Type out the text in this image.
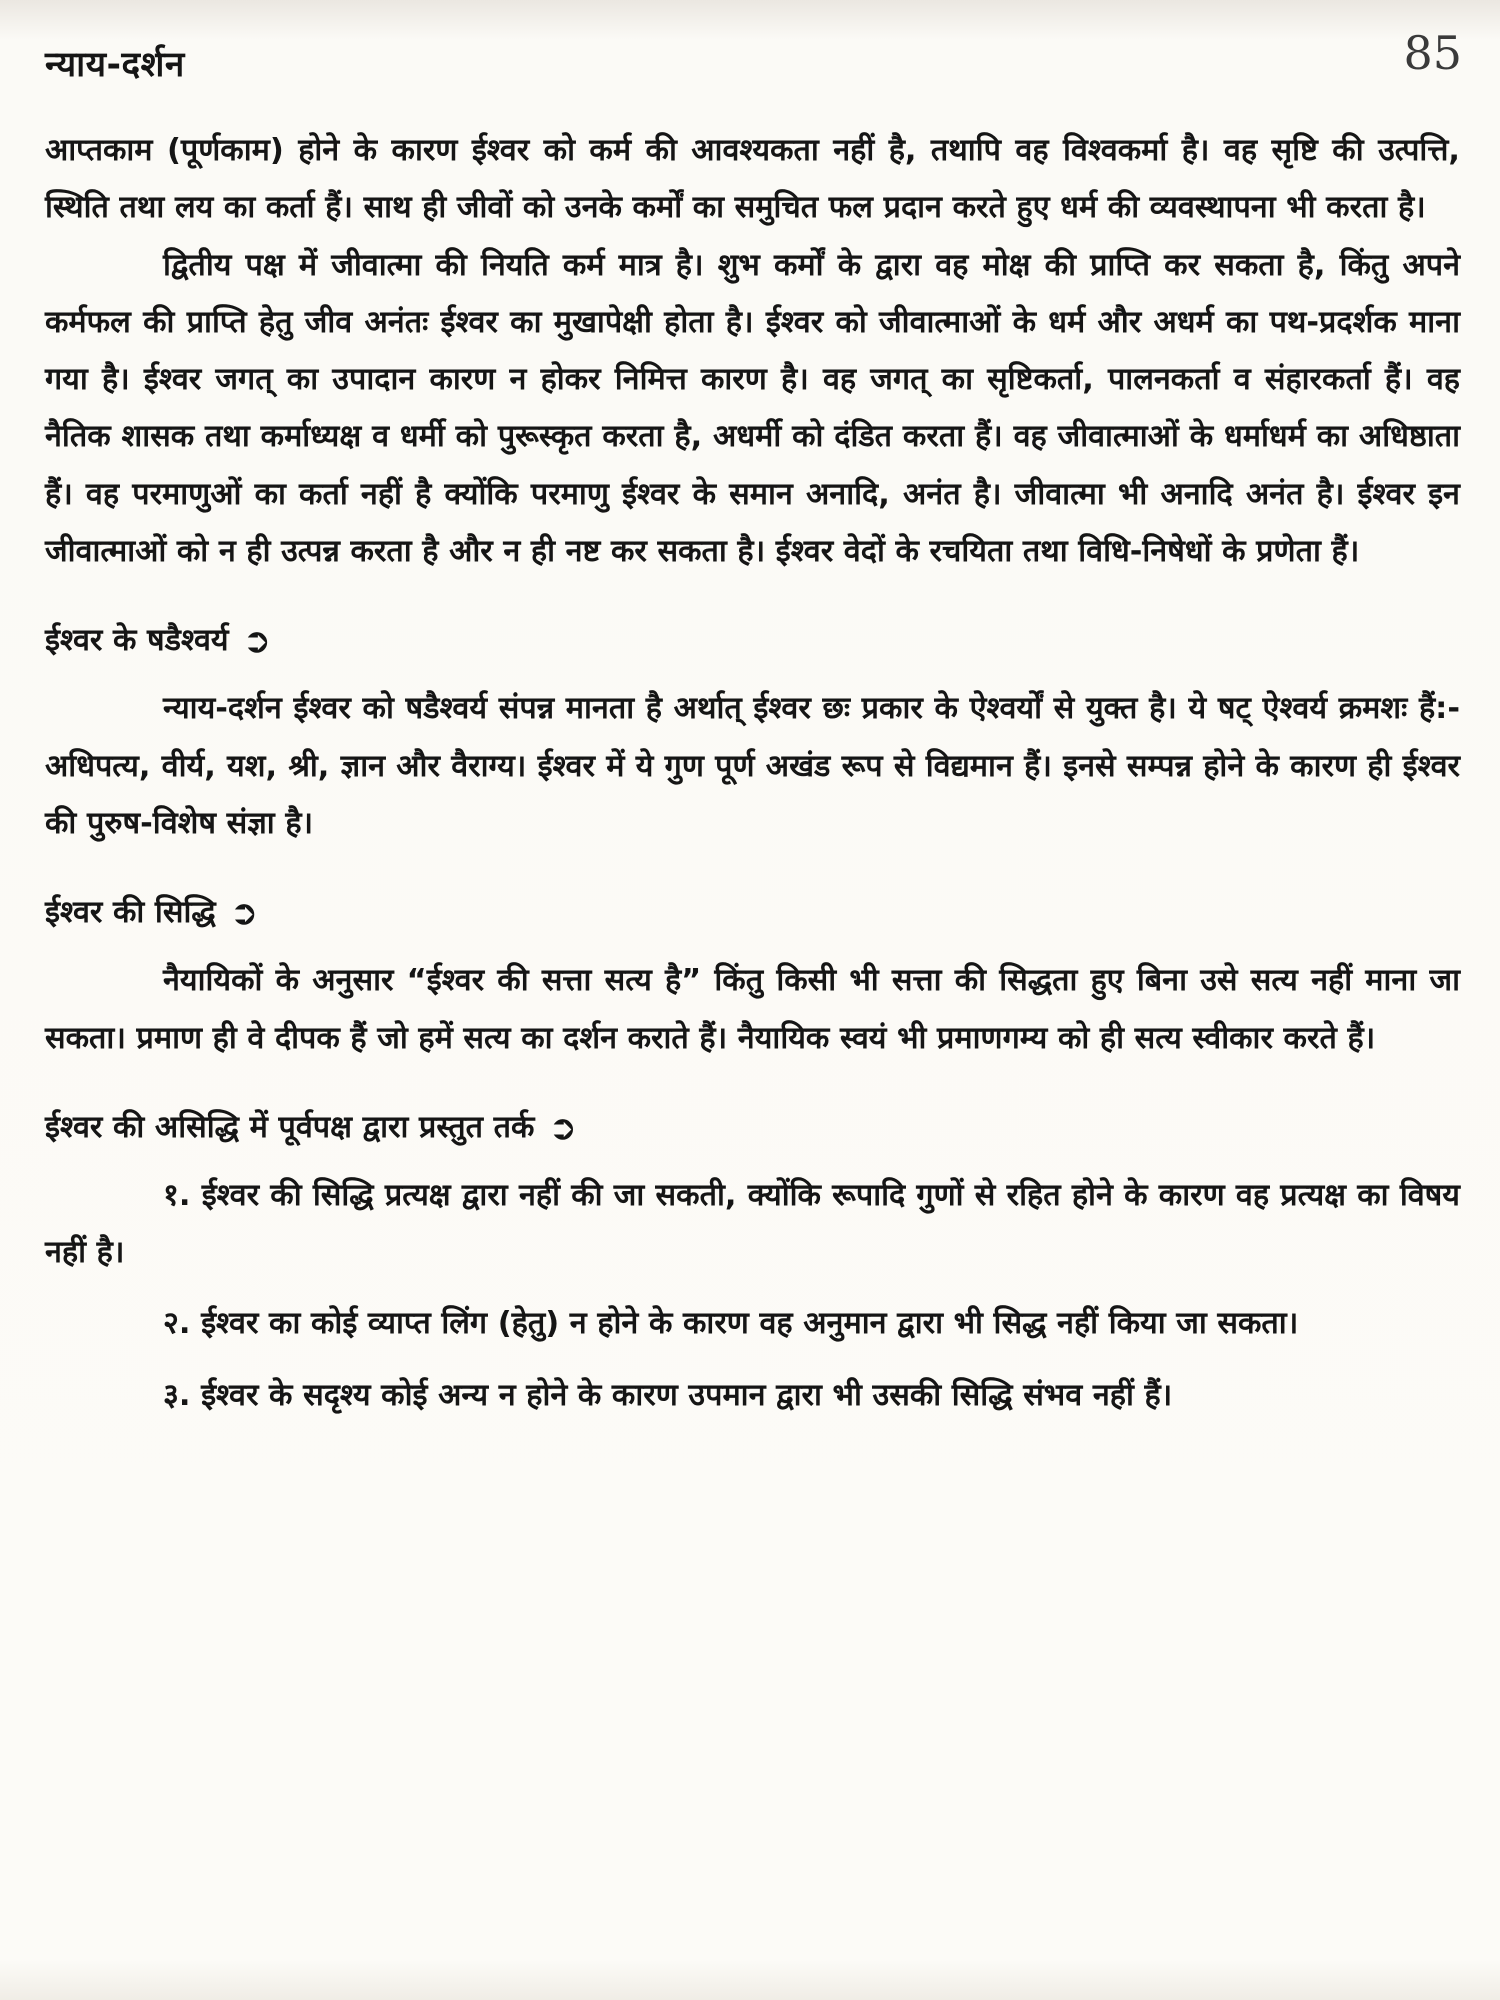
न्याय-दर्शन	85

आप्तकाम (पूर्णकाम) होने के कारण ईश्वर को कर्म की आवश्यकता नहीं है, तथापि वह विश्वकर्मा है। वह सृष्टि की उत्पत्ति, स्थिति तथा लय का कर्ता हैं। साथ ही जीवों को उनके कर्मों का समुचित फल प्रदान करते हुए धर्म की व्यवस्थापना भी करता है।

द्वितीय पक्ष में जीवात्मा की नियति कर्म मात्र है। शुभ कर्मों के द्वारा वह मोक्ष की प्राप्ति कर सकता है, किंतु अपने कर्मफल की प्राप्ति हेतु जीव अनंतः ईश्वर का मुखापेक्षी होता है। ईश्वर को जीवात्माओं के धर्म और अधर्म का पथ-प्रदर्शक माना गया है। ईश्वर जगत् का उपादान कारण न होकर निमित्त कारण है। वह जगत् का सृष्टिकर्ता, पालनकर्ता व संहारकर्ता हैं। वह नैतिक शासक तथा कर्माध्यक्ष व धर्मी को पुरूस्कृत करता है, अधर्मी को दंडित करता हैं। वह जीवात्माओं के धर्माधर्म का अधिष्ठाता हैं। वह परमाणुओं का कर्ता नहीं है क्योंकि परमाणु ईश्वर के समान अनादि, अनंत है। जीवात्मा भी अनादि अनंत है। ईश्वर इन जीवात्माओं को न ही उत्पन्न करता है और न ही नष्ट कर सकता है। ईश्वर वेदों के रचयिता तथा विधि-निषेधों के प्रणेता हैं।

ईश्वर के षडैश्वर्य ➲

न्याय-दर्शन ईश्वर को षडैश्वर्य संपन्न मानता है अर्थात् ईश्वर छः प्रकार के ऐश्वर्यों से युक्त है। ये षट् ऐश्वर्य क्रमशः हैं:- अधिपत्य, वीर्य, यश, श्री, ज्ञान और वैराग्य। ईश्वर में ये गुण पूर्ण अखंड रूप से विद्यमान हैं। इनसे सम्पन्न होने के कारण ही ईश्वर की पुरुष-विशेष संज्ञा है।

ईश्वर की सिद्धि ➲

नैयायिकों के अनुसार “ईश्वर की सत्ता सत्य है” किंतु किसी भी सत्ता की सिद्धता हुए बिना उसे सत्य नहीं माना जा सकता। प्रमाण ही वे दीपक हैं जो हमें सत्य का दर्शन कराते हैं। नैयायिक स्वयं भी प्रमाणगम्य को ही सत्य स्वीकार करते हैं।

ईश्वर की असिद्धि में पूर्वपक्ष द्वारा प्रस्तुत तर्क ➲

१. ईश्वर की सिद्धि प्रत्यक्ष द्वारा नहीं की जा सकती, क्योंकि रूपादि गुणों से रहित होने के कारण वह प्रत्यक्ष का विषय नहीं है।

२. ईश्वर का कोई व्याप्त लिंग (हेतु) न होने के कारण वह अनुमान द्वारा भी सिद्ध नहीं किया जा सकता।

३. ईश्वर के सदृश्य कोई अन्य न होने के कारण उपमान द्वारा भी उसकी सिद्धि संभव नहीं हैं।
